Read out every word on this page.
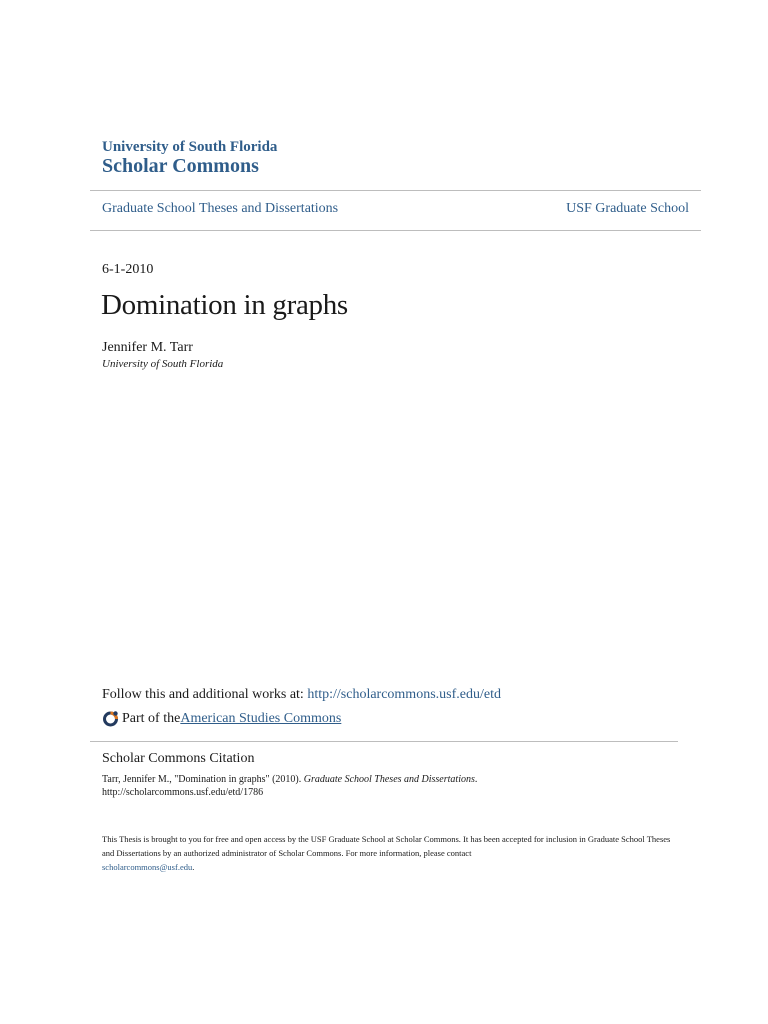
University of South Florida
Scholar Commons
Graduate School Theses and Dissertations	USF Graduate School
6-1-2010
Domination in graphs
Jennifer M. Tarr
University of South Florida
Follow this and additional works at: http://scholarcommons.usf.edu/etd
Part of the American Studies Commons
Scholar Commons Citation
Tarr, Jennifer M., "Domination in graphs" (2010). Graduate School Theses and Dissertations.
http://scholarcommons.usf.edu/etd/1786
This Thesis is brought to you for free and open access by the USF Graduate School at Scholar Commons. It has been accepted for inclusion in Graduate School Theses and Dissertations by an authorized administrator of Scholar Commons. For more information, please contact
scholarcommons@usf.edu.
